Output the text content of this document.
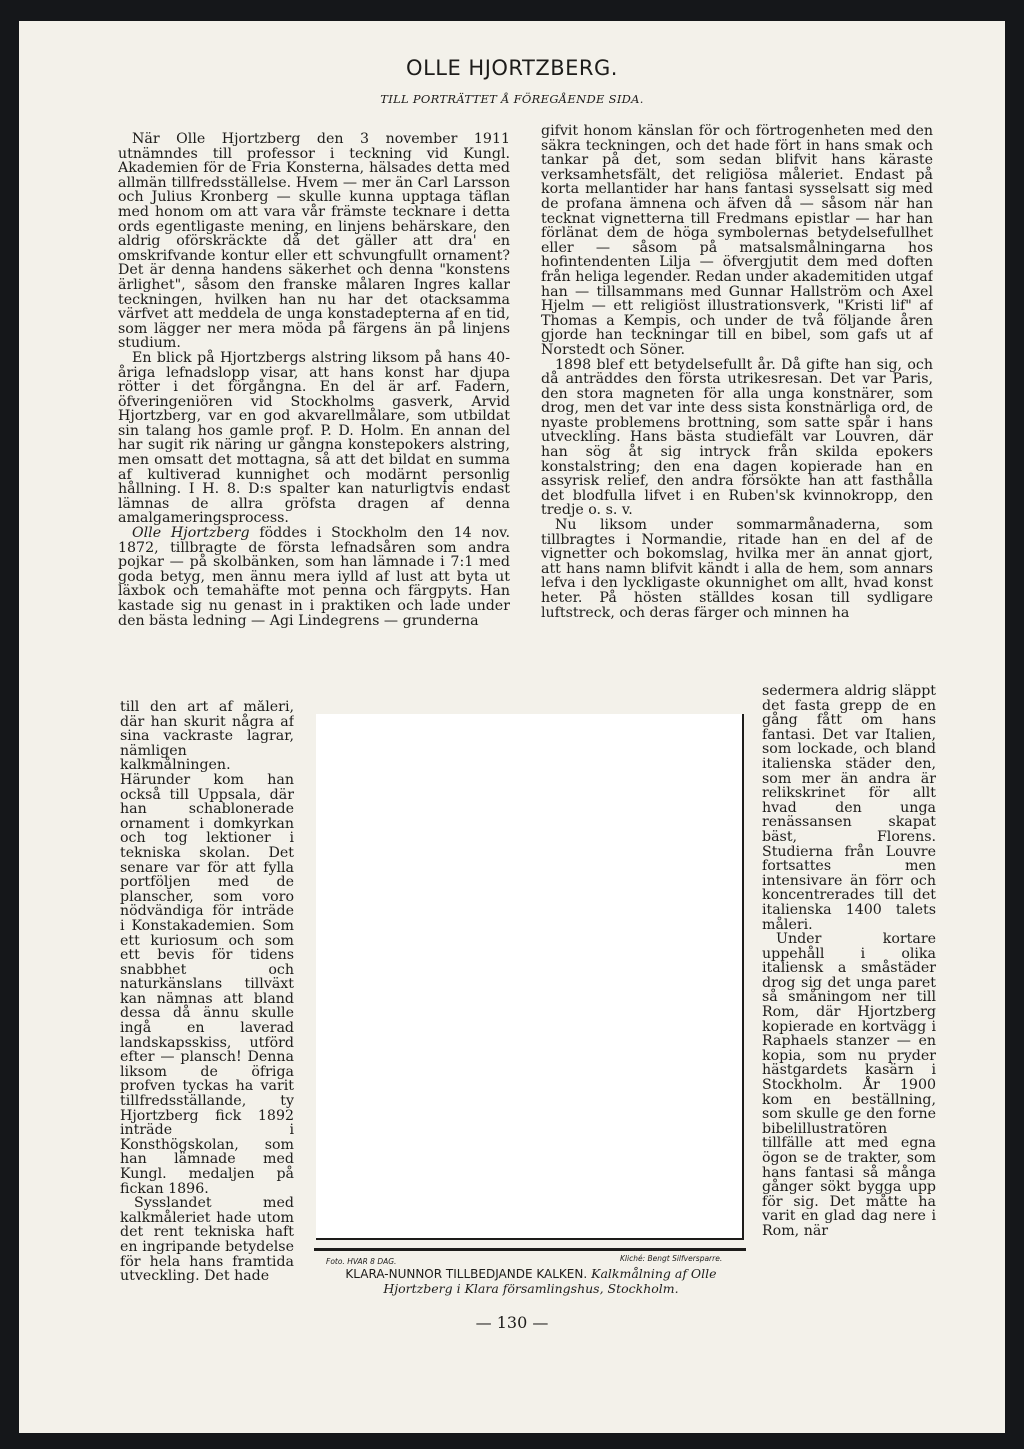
OLLE HJORTZBERG.
TILL PORTRÄTTET Å FÖREGÅENDE SIDA.

När Olle Hjortzberg den 3 november 1911 utnämndes till professor i teckning vid Kungl. Akademien för de Fria Konsterna, hälsades detta med allmän tillfredsställelse. Hvem — mer än Carl Larsson och Julius Kronberg — skulle kunna upptaga täflan med honom om att vara vår främste tecknare i detta ords egentligaste mening, en linjens behärskare, den aldrig oförskräckte då det gäller att dra' en omskrifvande kontur eller ett schvungfullt ornament? Det är denna handens säkerhet och denna "konstens ärlighet", såsom den franske målaren Ingres kallar teckningen, hvilken han nu har det otacksamma värfvet att meddela de unga konstadepterna af en tid, som lägger ner mera möda på färgens än på linjens studium.

En blick på Hjortzbergs alstring liksom på hans 40-åriga lefnadslopp visar, att hans konst har djupa rötter i det förgångna. En del är arf. Fadern, öfveringeniören vid Stockholms gasverk, Arvid Hjortzberg, var en god akvarellmålare, som utbildat sin talang hos gamle prof. P. D. Holm. En annan del har sugit rik näring ur gångna konstepokers alstring, men omsatt det mottagna, så att det bildat en summa af kultiverad kunnighet och modärnt personlig hållning. I H. 8. D:s spalter kan naturligtvis endast lämnas de allra gröfsta dragen af denna amalgameringsprocess.

Olle Hjortzberg föddes i Stockholm den 14 nov. 1872, tillbragte de första lefnadsåren som andra pojkar — på skolbänken, som han lämnade i 7:1 med goda betyg, men ännu mera iylld af lust att byta ut läxbok och temahäfte mot penna och färgpyts. Han kastade sig nu genast in i praktiken och lade under den bästa ledning — Agi Lindegrens — grunderna

till den art af måleri, där han skurit några af sina vackraste lagrar, nämligen kalkmålningen. Härunder kom han också till Uppsala, där han schablonerade ornament i domkyrkan och tog lektioner i tekniska skolan. Det senare var för att fylla portföljen med de planscher, som voro nödvändiga för inträde i Konstakademien. Som ett kuriosum och som ett bevis för tidens snabbhet och naturkänslans tillväxt kan nämnas att bland dessa då ännu skulle ingå en laverad landskapsskiss, utförd efter — plansch! Denna liksom de öfriga profven tyckas ha varit tillfredsställande, ty Hjortzberg fick 1892 inträde i Konsthögskolan, som han lämnade med Kungl. medaljen på fickan 1896.

Sysslandet med kalkmåleriet hade utom det rent tekniska haft en ingripande betydelse för hela hans framtida utveckling. Det hade

gifvit honom känslan för och förtrogenheten med den säkra teckningen, och det hade fört in hans smak och tankar på det, som sedan blifvit hans käraste verksamhetsfält, det religiösa måleriet. Endast på korta mellantider har hans fantasi sysselsatt sig med de profana ämnena och äfven då — såsom när han tecknat vignetterna till Fredmans epistlar — har han förlänat dem de höga symbolernas betydelsefullhet eller — såsom på matsalsmålningarna hos hofintendenten Lilja — öfvergjutit dem med doften från heliga legender. Redan under akademitiden utgaf han — tillsammans med Gunnar Hallström och Axel Hjelm — ett religiöst illustrationsverk, "Kristi lif" af Thomas a Kempis, och under de två följande åren gjorde han teckningar till en bibel, som gafs ut af Norstedt och Söner.

1898 blef ett betydelsefullt år. Då gifte han sig, och då anträddes den första utrikesresan. Det var Paris, den stora magneten för alla unga konstnärer, som drog, men det var inte dess sista konstnärliga ord, de nyaste problemens brottning, som satte spår i hans utveckling. Hans bästa studiefält var Louvren, där han sög åt sig intryck från skilda epokers konstalstring; den ena dagen kopierade han en assyrisk relief, den andra försökte han att fasthålla det blodfulla lifvet i en Ruben'sk kvinnokropp, den tredje o. s. v.

Nu liksom under sommarmånaderna, som tillbragtes i Normandie, ritade han en del af de vignetter och bokomslag, hvilka mer än annat gjort, att hans namn blifvit kändt i alla de hem, som annars lefva i den lyckligaste okunnighet om allt, hvad konst heter. På hösten ställdes kosan till sydligare luftstreck, och deras färger och minnen ha

sedermera aldrig släppt det fasta grepp de en gång fått om hans fantasi. Det var Italien, som lockade, och bland italienska städer den, som mer än andra är relikskrinet för allt hvad den unga renässansen skapat bäst, Florens. Studierna från Louvre fortsattes men intensivare än förr och koncentrerades till det italienska 1400 talets måleri.

Under kortare uppehåll i olika italiensk a småstäder drog sig det unga paret så småningom ner till Rom, där Hjortzberg kopierade en kortvägg i Raphaels stanzer — en kopia, som nu pryder hästgardets kasärn i Stockholm. År 1900 kom en beställning, som skulle ge den forne bibelillustratören tillfälle att med egna ögon se de trakter, som hans fantasi så många gånger sökt bygga upp för sig. Det måtte ha varit en glad dag nere i Rom, när

Foto. HVAR 8 DAG.	Kliché: Bengt Silfversparre.
KLARA-NUNNOR TILLBEDJANDE KALKEN. Kalkmålning af Olle
Hjortzberg i Klara församlingshus, Stockholm.
— 130 —
